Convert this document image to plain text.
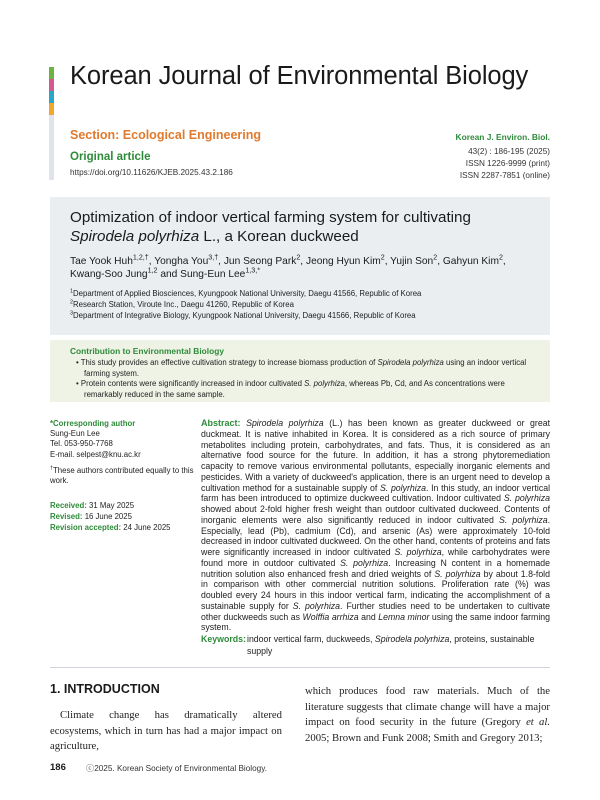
Korean Journal of Environmental Biology
Section: Ecological Engineering
Original article
https://doi.org/10.11626/KJEB.2025.43.2.186
Korean J. Environ. Biol.
43(2) : 186-195 (2025)
ISSN 1226-9999 (print)
ISSN 2287-7851 (online)
Optimization of indoor vertical farming system for cultivating Spirodela polyrhiza L., a Korean duckweed
Tae Yook Huh$^{1,2,\dagger}$, Yongha You$^{3,\dagger}$, Jun Seong Park$^2$, Jeong Hyun Kim$^2$, Yujin Son$^2$, Gahyun Kim$^2$, Kwang-Soo Jung$^{1,2}$ and Sung-Eun Lee$^{1,3,*}$
$^1$Department of Applied Biosciences, Kyungpook National University, Daegu 41566, Republic of Korea
$^2$Research Station, Viroute Inc., Daegu 41260, Republic of Korea
$^3$Department of Integrative Biology, Kyungpook National University, Daegu 41566, Republic of Korea
Contribution to Environmental Biology
• This study provides an effective cultivation strategy to increase biomass production of Spirodela polyrhiza using an indoor vertical farming system.
• Protein contents were significantly increased in indoor cultivated S. polyrhiza, whereas Pb, Cd, and As concentrations were remarkably reduced in the same sample.
*Corresponding author
Sung-Eun Lee
Tel. 053-950-7768
E-mail. selpest@knu.ac.kr
†These authors contributed equally to this work.
Received: 31 May 2025
Revised: 16 June 2025
Revision accepted: 24 June 2025
Abstract: Spirodela polyrhiza (L.) has been known as greater duckweed or great duckmeat. It is native inhabited in Korea. It is considered as a rich source of primary metabolites including protein, carbohydrates, and fats. Thus, it is considered as an alternative food source for the future. In addition, it has a strong phytoremediation capacity to remove various environmental pollutants, especially inorganic elements and pesticides. With a variety of duckweed's application, there is an urgent need to develop a cultivation method for a sustainable supply of S. polyrhiza. In this study, an indoor vertical farm has been introduced to optimize duckweed cultivation. Indoor cultivated S. polyrhiza showed about 2-fold higher fresh weight than outdoor cultivated duckweed. Contents of inorganic elements were also significantly reduced in indoor cultivated S. polyrhiza. Especially, lead (Pb), cadmium (Cd), and arsenic (As) were approximately 10-fold decreased in indoor cultivated duckweed. On the other hand, contents of proteins and fats were significantly increased in indoor cultivated S. polyrhiza, while carbohydrates were found more in outdoor cultivated S. polyrhiza. Increasing N content in a homemade nutrition solution also enhanced fresh and dried weights of S. polyrhiza by about 1.8-fold in comparison with other commercial nutrition solutions. Proliferation rate (%) was doubled every 24 hours in this indoor vertical farm, indicating the accomplishment of a sustainable supply for S. polyrhiza. Further studies need to be undertaken to cultivate other duckweeds such as Wolffia arrhiza and Lemna minor using the same indoor farming system.
Keywords: indoor vertical farm, duckweeds, Spirodela polyrhiza, proteins, sustainable supply
1. INTRODUCTION
Climate change has dramatically altered ecosystems, which in turn has had a major impact on agriculture,
which produces food raw materials. Much of the literature suggests that climate change will have a major impact on food security in the future (Gregory et al. 2005; Brown and Funk 2008; Smith and Gregory 2013;
186 ⓒ2025. Korean Society of Environmental Biology.
